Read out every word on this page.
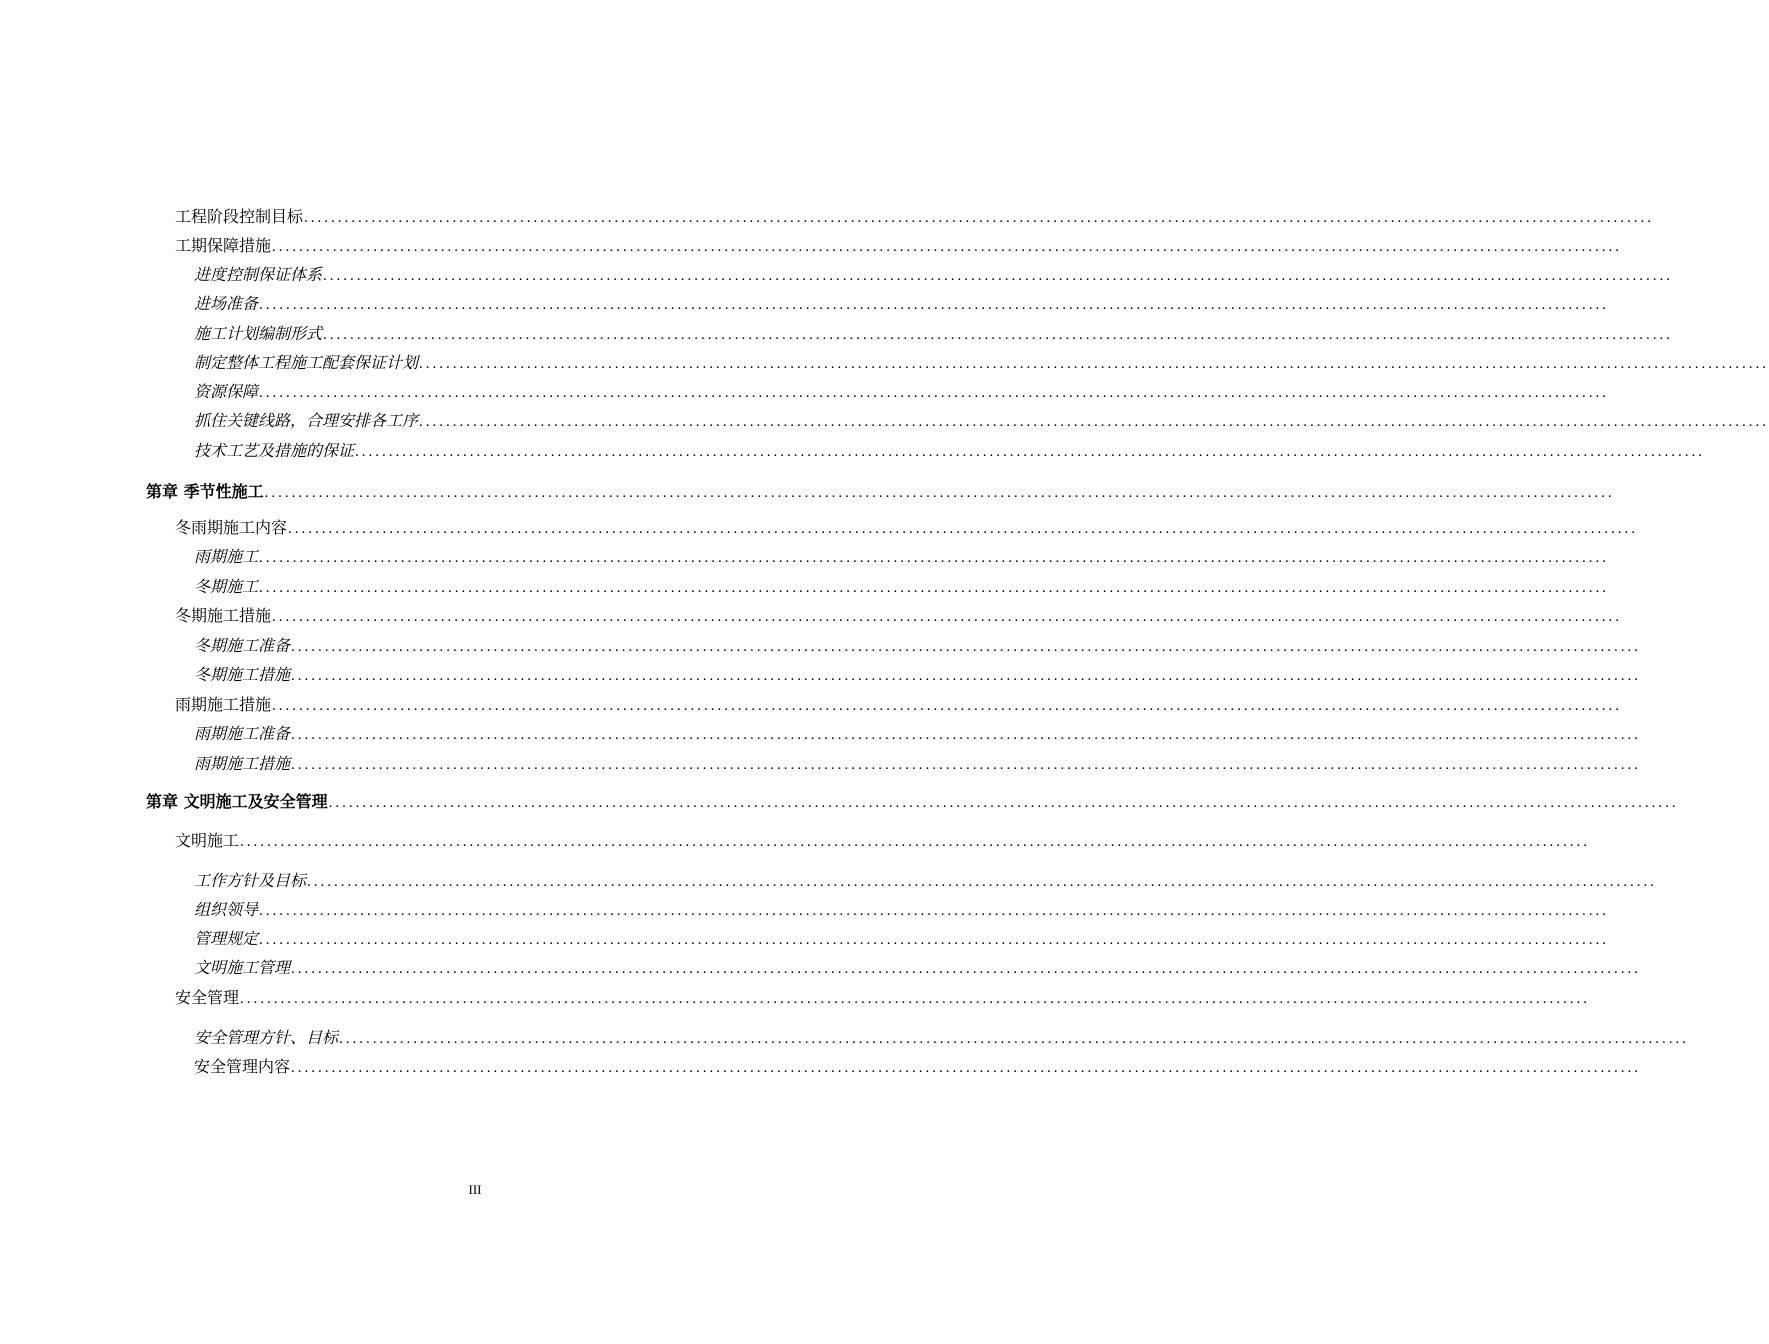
工程阶段控制目标 ........................................................................................................................................................................................................
工期保障措施 ........................................................................................................................................................................................................
进度控制保证体系 ........................................................................................................................................................................................................
进场准备 ........................................................................................................................................................................................................
施工计划编制形式 ........................................................................................................................................................................................................
制定整体工程施工配套保证计划 ........................................................................................................................................................................................................
资源保障 ........................................................................................................................................................................................................
抓住关键线路，合理安排各工序 ........................................................................................................................................................................................................
技术工艺及措施的保证 ........................................................................................................................................................................................................
第章 季节性施工 ........................................................................................................................................................................................................
冬雨期施工内容 ........................................................................................................................................................................................................
雨期施工 ........................................................................................................................................................................................................
冬期施工 ........................................................................................................................................................................................................
冬期施工措施 ........................................................................................................................................................................................................
冬期施工准备 ........................................................................................................................................................................................................
冬期施工措施 ........................................................................................................................................................................................................
雨期施工措施 ........................................................................................................................................................................................................
雨期施工准备 ........................................................................................................................................................................................................
雨期施工措施 ........................................................................................................................................................................................................
第章 文明施工及安全管理 ........................................................................................................................................................................................................
文明施工 ........................................................................................................................................................................................................
工作方针及目标 ........................................................................................................................................................................................................
组织领导 ........................................................................................................................................................................................................
管理规定 ........................................................................................................................................................................................................
文明施工管理 ........................................................................................................................................................................................................
安全管理 ........................................................................................................................................................................................................
安全管理方针、目标 ........................................................................................................................................................................................................
安全管理内容 ........................................................................................................................................................................................................
III
